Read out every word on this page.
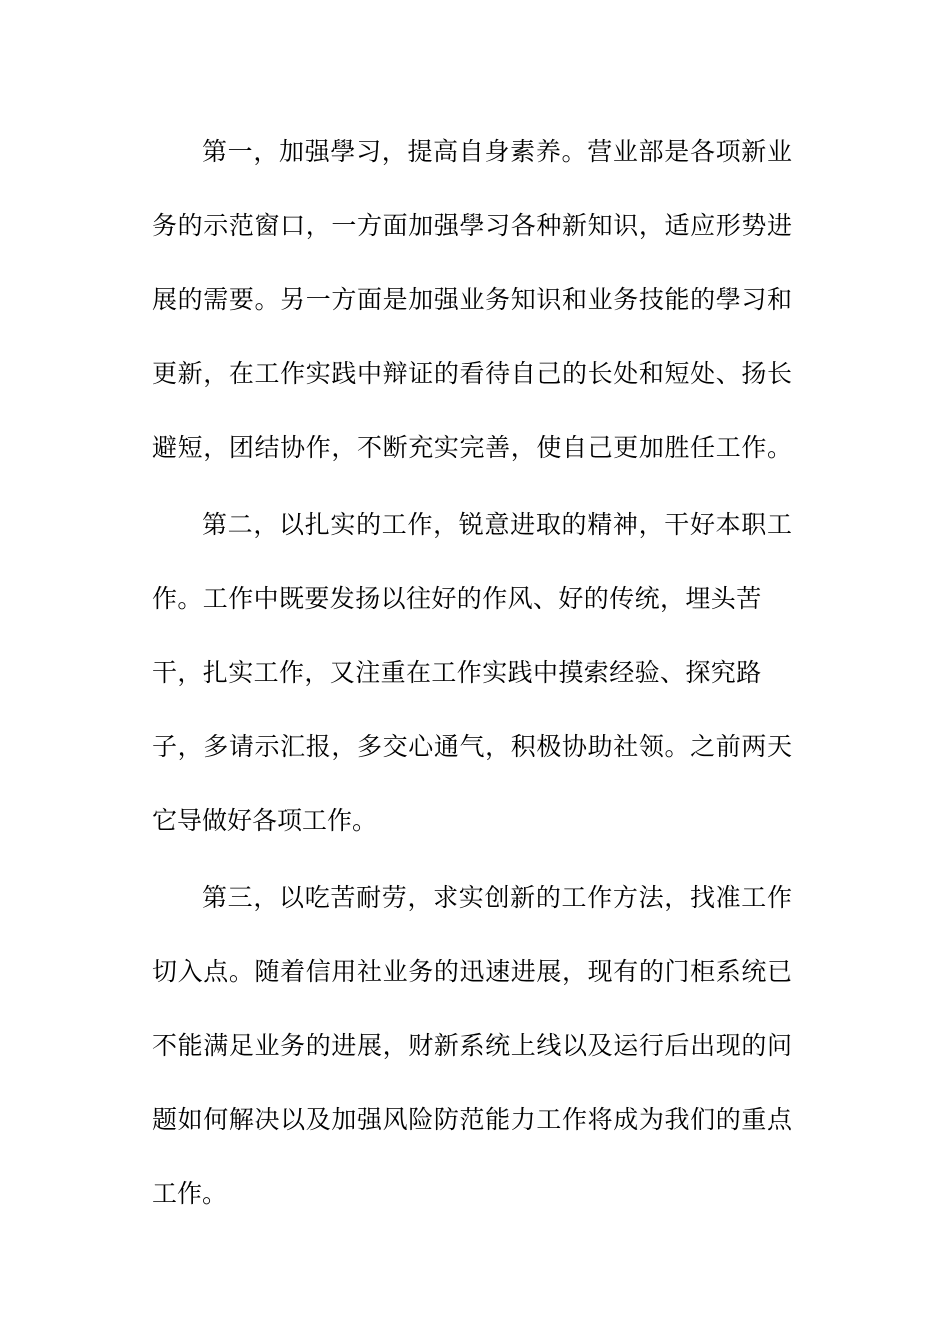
第一，加强學习，提高自身素养。营业部是各项新业
务的示范窗口，一方面加强學习各种新知识，适应形势进
展的需要。另一方面是加强业务知识和业务技能的學习和
更新，在工作实践中辩证的看待自己的长处和短处、扬长
避短，团结协作，不断充实完善，使自己更加胜任工作。
第二，以扎实的工作，锐意进取的精神，干好本职工
作。工作中既要发扬以往好的作风、好的传统，埋头苦
干，扎实工作，又注重在工作实践中摸索经验、探究路
子，多请示汇报，多交心通气，积极协助社领。之前两天
它导做好各项工作。
第三，以吃苦耐劳，求实创新的工作方法，找准工作
切入点。随着信用社业务的迅速进展，现有的门柜系统已
不能满足业务的进展，财新系统上线以及运行后出现的问
题如何解决以及加强风险防范能力工作将成为我们的重点
工作。
